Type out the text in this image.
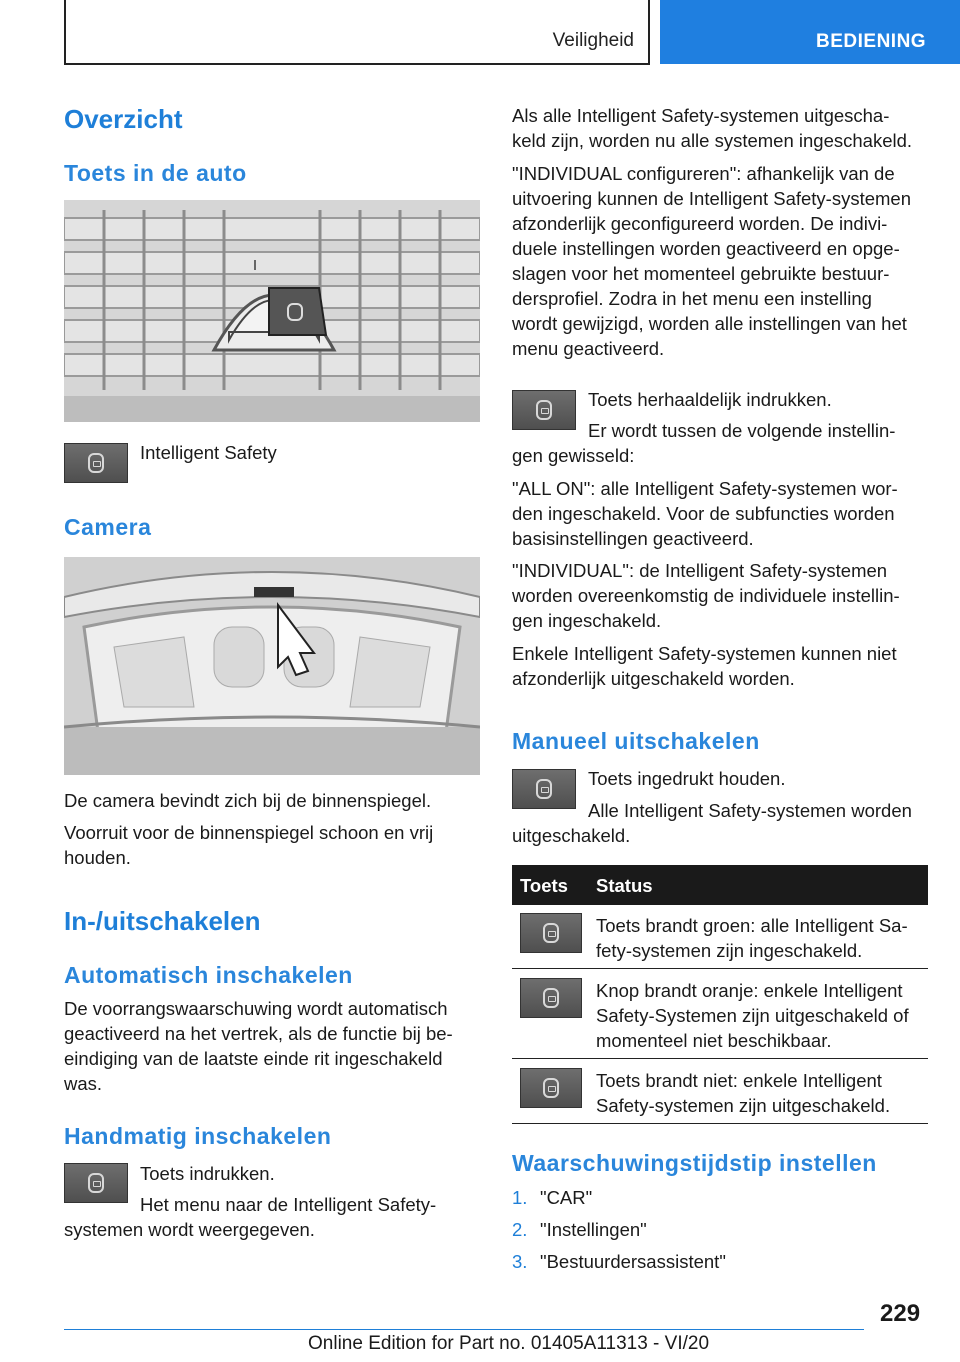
Veiligheid	BEDIENING
Overzicht
Toets in de auto
Intelligent Safety
Camera
De camera bevindt zich bij de binnenspiegel.
Voorruit voor de binnenspiegel schoon en vrij
houden.
In-/uitschakelen
Automatisch inschakelen
De voorrangswaarschuwing wordt automatisch
geactiveerd na het vertrek, als de functie bij be-
eindiging van de laatste einde rit ingeschakeld
was.
Handmatig inschakelen
Toets indrukken.
Het menu naar de Intelligent Safety-
systemen wordt weergegeven.
Als alle Intelligent Safety-systemen uitgescha-
keld zijn, worden nu alle systemen ingeschakeld.
"INDIVIDUAL configureren": afhankelijk van de
uitvoering kunnen de Intelligent Safety-systemen
afzonderlijk geconfigureerd worden. De indivi-
duele instellingen worden geactiveerd en opge-
slagen voor het momenteel gebruikte bestuur-
dersprofiel. Zodra in het menu een instelling
wordt gewijzigd, worden alle instellingen van het
menu geactiveerd.
Toets herhaaldelijk indrukken.
Er wordt tussen de volgende instellin-
gen gewisseld:
"ALL ON": alle Intelligent Safety-systemen wor-
den ingeschakeld. Voor de subfuncties worden
basisinstellingen geactiveerd.
"INDIVIDUAL": de Intelligent Safety-systemen
worden overeenkomstig de individuele instellin-
gen ingeschakeld.
Enkele Intelligent Safety-systemen kunnen niet
afzonderlijk uitgeschakeld worden.
Manueel uitschakelen
Toets ingedrukt houden.
Alle Intelligent Safety-systemen worden
uitgeschakeld.
Toets Status
Toets brandt groen: alle Intelligent Sa-
fety-systemen zijn ingeschakeld.
Knop brandt oranje: enkele Intelligent
Safety-Systemen zijn uitgeschakeld of
momenteel niet beschikbaar.
Toets brandt niet: enkele Intelligent
Safety-systemen zijn uitgeschakeld.
Waarschuwingstijdstip instellen
1. "CAR"
2. "Instellingen"
3. "Bestuurdersassistent"
229
Online Edition for Part no. 01405A11313 - VI/20
